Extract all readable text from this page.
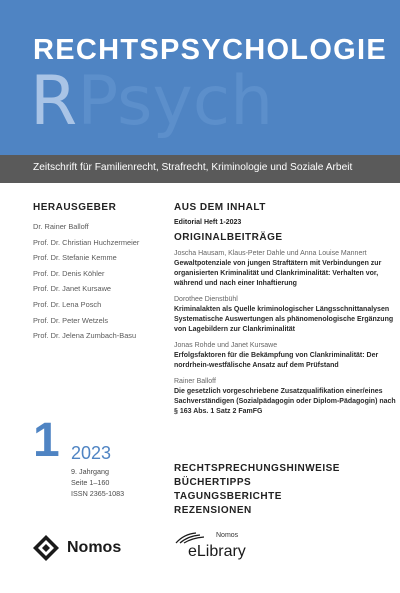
RECHTSPSYCHOLOGIE
RPsych
Zeitschrift für Familienrecht, Strafrecht, Kriminologie und Soziale Arbeit
HERAUSGEBER
Dr. Rainer Balloff
Prof. Dr. Christian Huchzermeier
Prof. Dr. Stefanie Kemme
Prof. Dr. Denis Köhler
Prof. Dr. Janet Kursawe
Prof. Dr. Lena Posch
Prof. Dr. Peter Wetzels
Prof. Dr. Jelena Zumbach-Basu
1 2023
9. Jahrgang
Seite 1–160
ISSN 2365-1083
AUS DEM INHALT
Editorial Heft 1-2023
ORIGINALBEITRÄGE
Joscha Hausam, Klaus-Peter Dahle und Anna Louise Mannert
Gewaltpotenziale von jungen Straftätern mit Verbindungen zur organisierten Kriminalität und Clankriminalität: Verhalten vor, während und nach einer Inhaftierung
Dorothee Dienstbühl
Kriminalakten als Quelle kriminologischer Längsschnittanalysen Systematische Auswertungen als phänomenologische Ergänzung von Lagebildern zur Clankriminalität
Jonas Rohde und Janet Kursawe
Erfolgsfaktoren für die Bekämpfung von Clankriminalität: Der nordrhein-westfälische Ansatz auf dem Prüfstand
Rainer Balloff
Die gesetzlich vorgeschriebene Zusatzqualifikation einer/eines Sachverständigen (Sozialpädagogin oder Diplom-Pädagogin) nach § 163 Abs. 1 Satz 2 FamFG
RECHTSPRECHUNGSHINWEISE
BÜCHERTIPPS
TAGUNGSBERICHTE
REZENSIONEN
Nomos
Nomos
eLibrary
